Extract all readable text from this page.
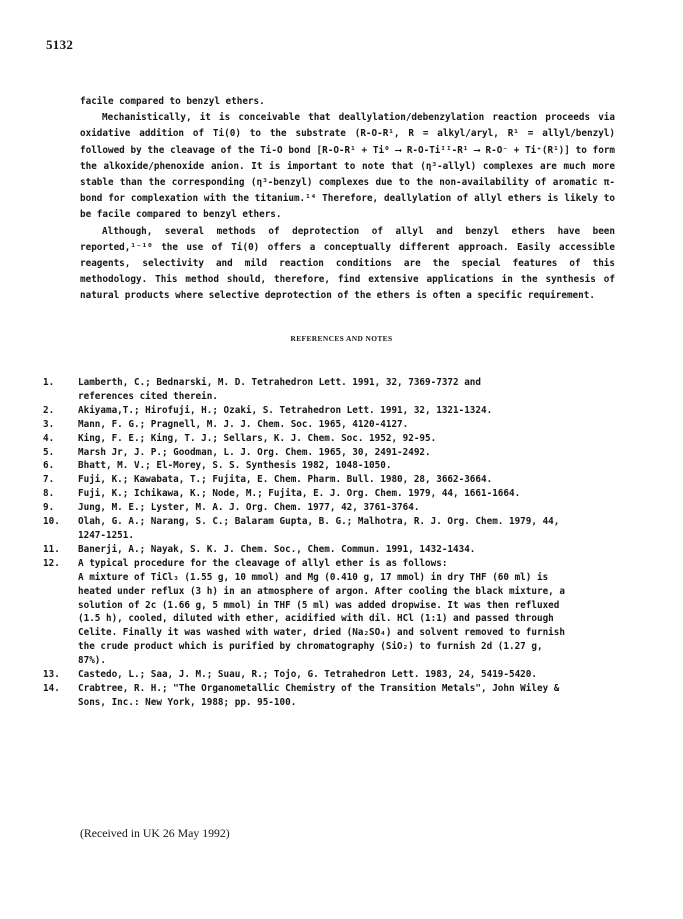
5132

facile compared to benzyl ethers.

Mechanistically, it is conceivable that deallylation/debenzylation reaction proceeds via oxidative addition of Ti(0) to the substrate (R-O-R¹, R = alkyl/aryl, R¹ = allyl/benzyl) followed by the cleavage of the Ti-O bond [R-O-R¹ + Ti⁰ ⟶ R-O-Tiᴵᴵ-R¹ ⟶ R-O⁻ + Ti⁺(R¹)] to form the alkoxide/phenoxide anion. It is important to note that (η³-allyl) complexes are much more stable than the corresponding (η³-benzyl) complexes due to the non-availability of aromatic π-bond for complexation with the titanium.¹⁴ Therefore, deallylation of allyl ethers is likely to be facile compared to benzyl ethers.

Although, several methods of deprotection of allyl and benzyl ethers have been reported,¹⁻¹⁰ the use of Ti(0) offers a conceptually different approach. Easily accessible reagents, selectivity and mild reaction conditions are the special features of this methodology. This method should, therefore, find extensive applications in the synthesis of natural products where selective deprotection of the ethers is often a specific requirement.

REFERENCES AND NOTES
1.	Lamberth, C.; Bednarski, M. D. Tetrahedron Lett. 1991, 32, 7369-7372 and
references cited therein.
2.	Akiyama,T.; Hirofuji, H.; Ozaki, S. Tetrahedron Lett. 1991, 32, 1321-1324.
3.	Mann, F. G.; Pragnell, M. J. J. Chem. Soc. 1965, 4120-4127.
4.	King, F. E.; King, T. J.; Sellars, K. J. Chem. Soc. 1952, 92-95.
5.	Marsh Jr, J. P.; Goodman, L. J. Org. Chem. 1965, 30, 2491-2492.
6.	Bhatt, M. V.; El-Morey, S. S. Synthesis 1982, 1048-1050.
7.	Fuji, K.; Kawabata, T.; Fujita, E. Chem. Pharm. Bull. 1980, 28, 3662-3664.
8.	Fuji, K.; Ichikawa, K.; Node, M.; Fujita, E. J. Org. Chem. 1979, 44, 1661-1664.
9.	Jung, M. E.; Lyster, M. A. J. Org. Chem. 1977, 42, 3761-3764.
10.	Olah, G. A.; Narang, S. C.; Balaram Gupta, B. G.; Malhotra, R. J. Org. Chem. 1979, 44,
1247-1251.
11.	Banerji, A.; Nayak, S. K. J. Chem. Soc., Chem. Commun. 1991, 1432-1434.
12.	A typical procedure for the cleavage of allyl ether is as follows:
A mixture of TiCl₃ (1.55 g, 10 mmol) and Mg (0.410 g, 17 mmol) in dry THF (60 ml) is
heated under reflux (3 h) in an atmosphere of argon. After cooling the black mixture, a
solution of 2c (1.66 g, 5 mmol) in THF (5 ml) was added dropwise. It was then refluxed
(1.5 h), cooled, diluted with ether, acidified with dil. HCl (1:1) and passed through
Celite. Finally it was washed with water, dried (Na₂SO₄) and solvent removed to furnish
the crude product which is purified by chromatography (SiO₂) to furnish 2d (1.27 g,
87%).
13.	Castedo, L.; Saa, J. M.; Suau, R.; Tojo, G. Tetrahedron Lett. 1983, 24, 5419-5420.
14.	Crabtree, R. H.; "The Organometallic Chemistry of the Transition Metals", John Wiley &
Sons, Inc.: New York, 1988; pp. 95-100.
(Received in UK 26 May 1992)
